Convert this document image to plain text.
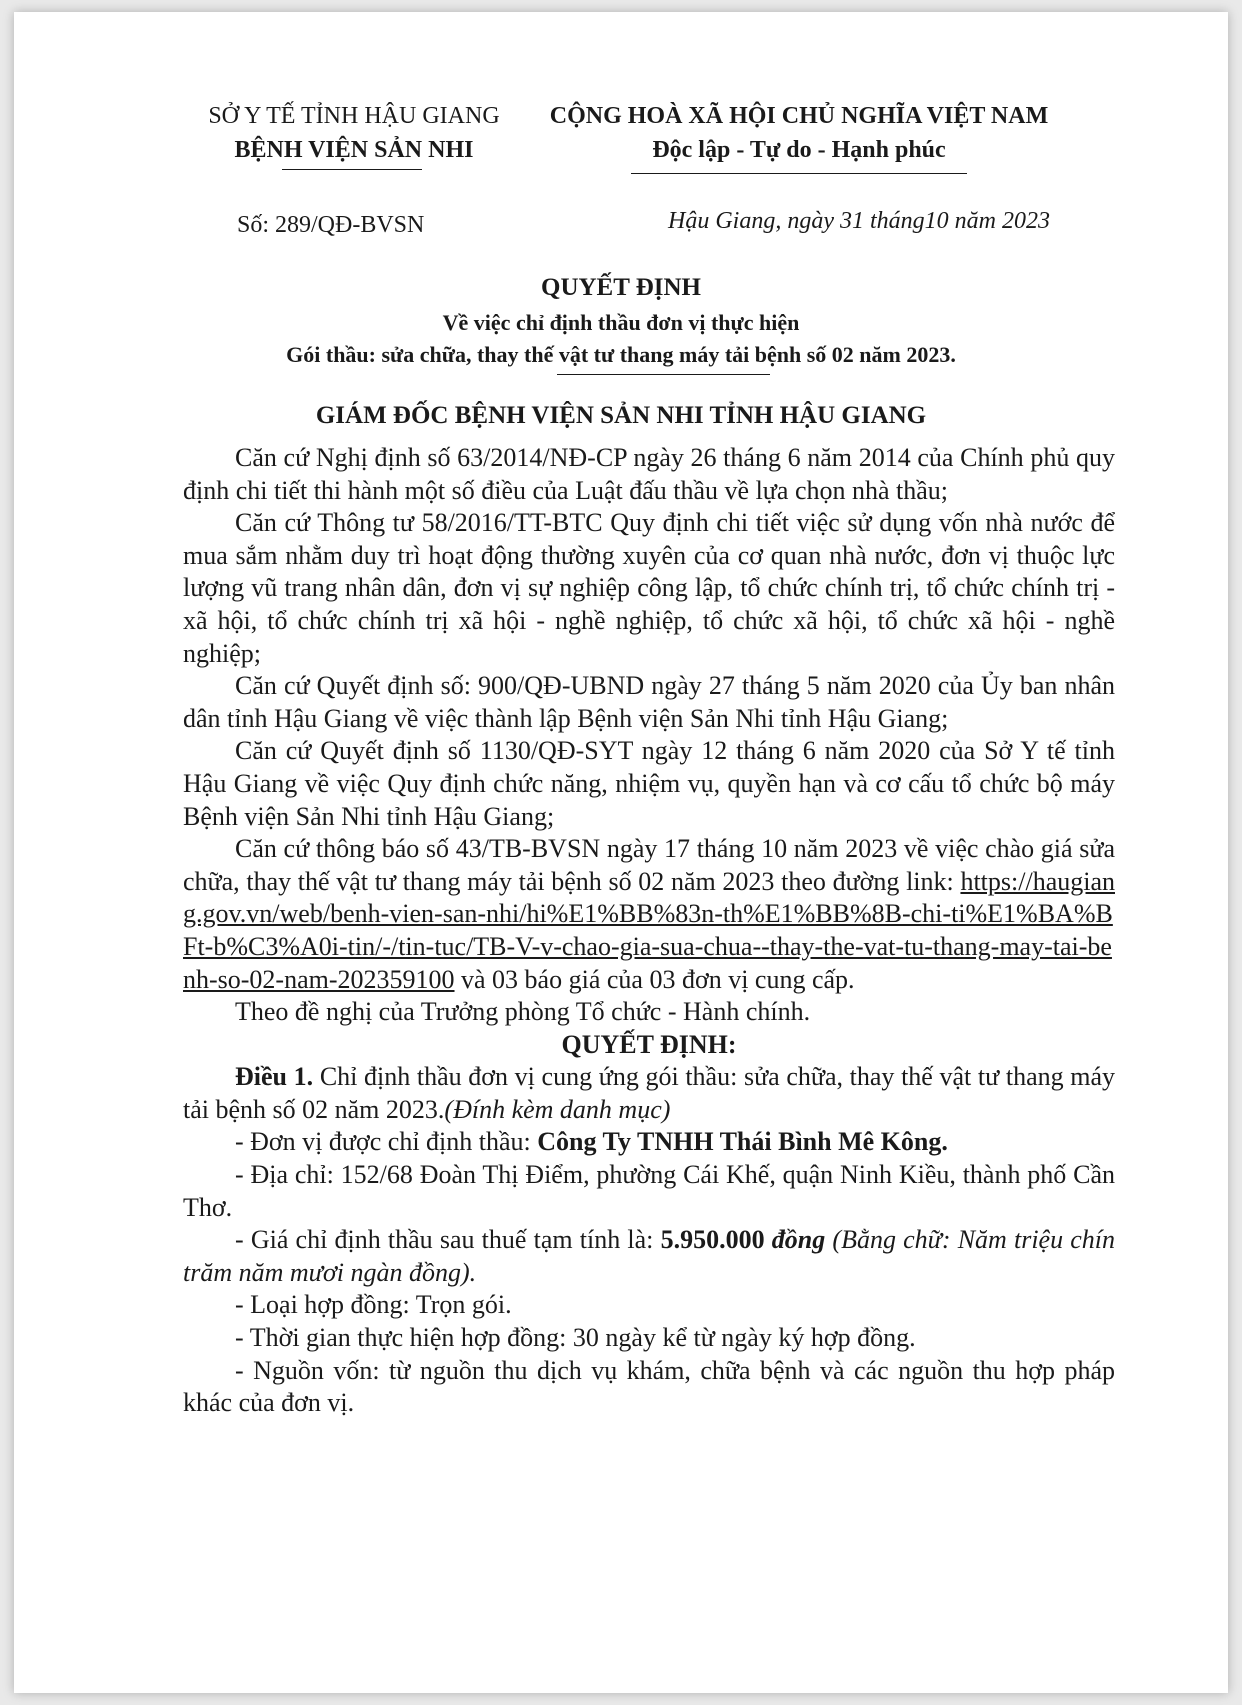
SỞ Y TẾ TỈNH HẬU GIANG
BỆNH VIỆN SẢN NHI
CỘNG HOÀ XÃ HỘI CHỦ NGHĨA VIỆT NAM
Độc lập - Tự do - Hạnh phúc
Số: 289/QĐ-BVSN	Hậu Giang, ngày 31 tháng10 năm 2023
QUYẾT ĐỊNH
Về việc chỉ định thầu đơn vị thực hiện
Gói thầu: sửa chữa, thay thế vật tư thang máy tải bệnh số 02 năm 2023.
GIÁM ĐỐC BỆNH VIỆN SẢN NHI TỈNH HẬU GIANG

Căn cứ Nghị định số 63/2014/NĐ-CP ngày 26 tháng 6 năm 2014 của Chính phủ quy định chi tiết thi hành một số điều của Luật đấu thầu về lựa chọn nhà thầu;

Căn cứ Thông tư 58/2016/TT-BTC Quy định chi tiết việc sử dụng vốn nhà nước để mua sắm nhằm duy trì hoạt động thường xuyên của cơ quan nhà nước, đơn vị thuộc lực lượng vũ trang nhân dân, đơn vị sự nghiệp công lập, tổ chức chính trị, tổ chức chính trị - xã hội, tổ chức chính trị xã hội - nghề nghiệp, tổ chức xã hội, tổ chức xã hội - nghề nghiệp;

Căn cứ Quyết định số: 900/QĐ-UBND ngày 27 tháng 5 năm 2020 của Ủy ban nhân dân tỉnh Hậu Giang về việc thành lập Bệnh viện Sản Nhi tỉnh Hậu Giang;

Căn cứ Quyết định số 1130/QĐ-SYT ngày 12 tháng 6 năm 2020 của Sở Y tế tỉnh Hậu Giang về việc Quy định chức năng, nhiệm vụ, quyền hạn và cơ cấu tổ chức bộ máy Bệnh viện Sản Nhi tỉnh Hậu Giang;

Căn cứ thông báo số 43/TB-BVSN ngày 17 tháng 10 năm 2023 về việc chào giá sửa chữa, thay thế vật tư thang máy tải bệnh số 02 năm 2023 theo đường link: https://haugiang.gov.vn/web/benh-vien-san-nhi/hi%E1%BB%83n-th%E1%BB%8B-chi-ti%E1%BA%BFt-b%C3%A0i-tin/-/tin-tuc/TB-V-v-chao-gia-sua-chua--thay-the-vat-tu-thang-may-tai-benh-so-02-nam-202359100 và 03 báo giá của 03 đơn vị cung cấp.

Theo đề nghị của Trưởng phòng Tổ chức - Hành chính.

QUYẾT ĐỊNH:

Điều 1. Chỉ định thầu đơn vị cung ứng gói thầu: sửa chữa, thay thế vật tư thang máy tải bệnh số 02 năm 2023.(Đính kèm danh mục)

- Đơn vị được chỉ định thầu: Công Ty TNHH Thái Bình Mê Kông.

- Địa chỉ: 152/68 Đoàn Thị Điểm, phường Cái Khế, quận Ninh Kiều, thành phố Cần Thơ.

- Giá chỉ định thầu sau thuế tạm tính là: 5.950.000 đồng (Bằng chữ: Năm triệu chín trăm năm mươi ngàn đồng).

- Loại hợp đồng: Trọn gói.

- Thời gian thực hiện hợp đồng: 30 ngày kể từ ngày ký hợp đồng.

- Nguồn vốn: từ nguồn thu dịch vụ khám, chữa bệnh và các nguồn thu hợp pháp khác của đơn vị.
